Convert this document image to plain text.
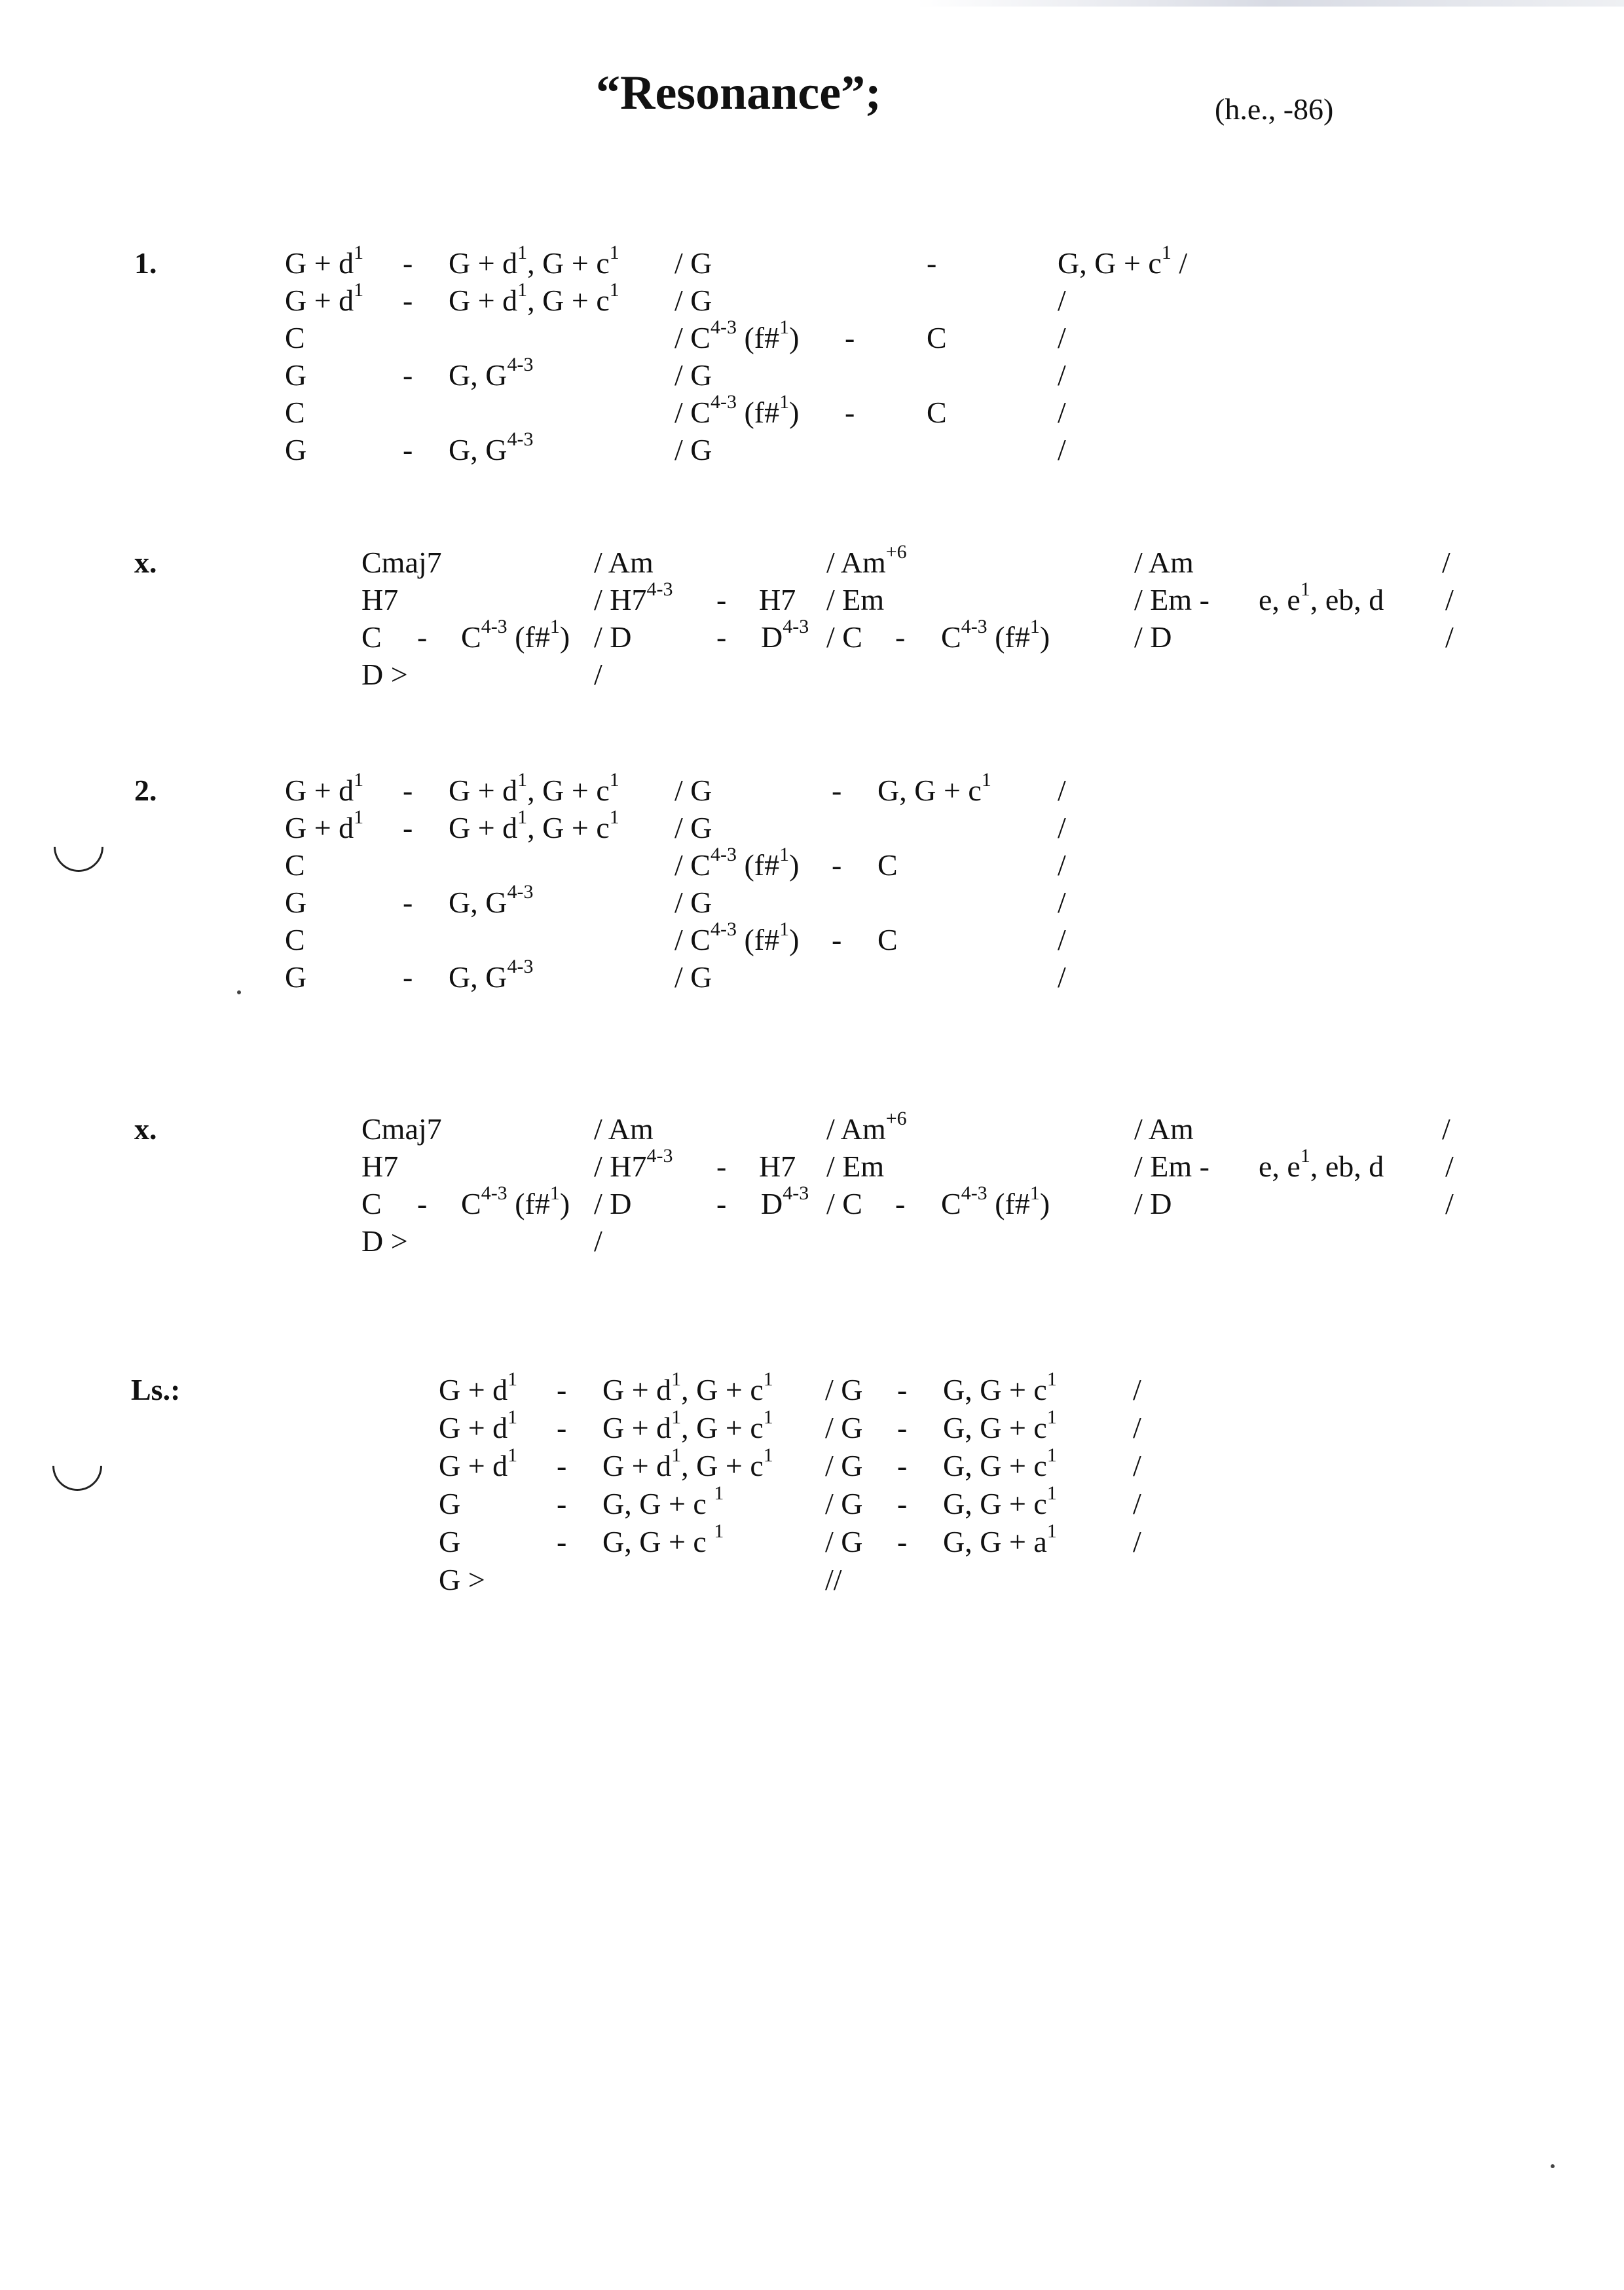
“Resonance”;	(h.e., -86)
1.	$G + d^1 - G + d^1$, $G + c^1 / G$	-	G, $G + c^1$ /
$G + d^1 - G + d^1$, $G + c^1 / G$	/
C	/ $C^{4-3}$ (f#$^1$) - C	/
G	- G, $G^{4-3}$	/ G	/
C	/ $C^{4-3}$ (f#$^1$) - C	/
G	- G, $G^{4-3}$	/ G	/
x.	Cmaj7	/ Am	/ $Am^{+6}$	/ Am	/
H7	/ H7$^{4-3}$ - H7 / Em	/ Em - e, $e^1$, eb, d /
C - $C^{4-3}$ (f#$^1$) / D	- $D^{4-3}$ / C - $C^{4-3}$ (f#$^1$)	/ D	/
D >	/
2.	$G + d^1 - G + d^1$, $G + c^1 / G$	- G, $G + c^1$ /
$G + d^1 - G + d^1$, $G + c^1 / G$	/
C	/ $C^{4-3}$ (f#$^1$) - C	/
G	- G, $G^{4-3}$	/ G	/
C	/ $C^{4-3}$ (f#$^1$) - C	/
G	- G, $G^{4-3}$	/ G	/
x.	Cmaj7	/ Am	/ $Am^{+6}$	/ Am	/
H7	/ H7$^{4-3}$ - H7 / Em	/ Em - e, $e^1$, eb, d /
C - $C^{4-3}$ (f#$^1$) / D	- $D^{4-3}$ / C - $C^{4-3}$ (f#$^1$)	/ D	/
D >	/
Ls.:	$G + d^1 - G + d^1$, $G + c^1 / G - G$, $G + c^1$	/
$G + d^1 - G + d^1$, $G + c^1 / G - G$, $G + c^1$	/
$G + d^1 - G + d^1$, $G + c^1 / G - G$, $G + c^1$	/
G	- G, G + c $^1$	/ G - G, $G + c^1$	/
G	- G, G + c $^1$	/ G - G, $G + a^1$	/
G >	//
